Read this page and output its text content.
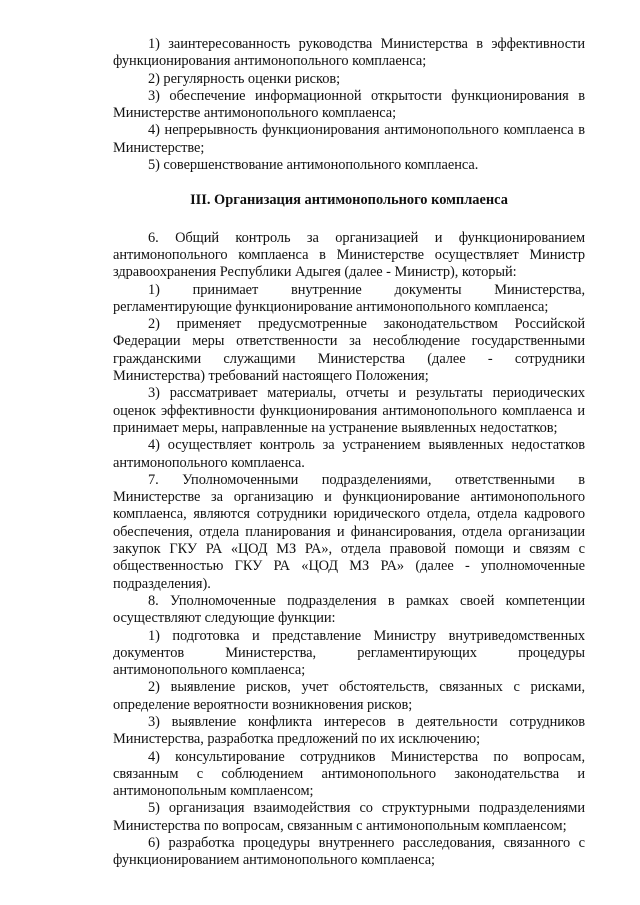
1) заинтересованность руководства Министерства в эффективности функционирования антимонопольного комплаенса;

2) регулярность оценки рисков;

3) обеспечение информационной открытости функционирования в Министерстве антимонопольного комплаенса;

4) непрерывность функционирования антимонопольного комплаенса в Министерстве;

5) совершенствование антимонопольного комплаенса.

III. Организация антимонопольного комплаенса

6. Общий контроль за организацией и функционированием антимонопольного комплаенса в Министерстве осуществляет Министр здравоохранения Республики Адыгея (далее - Министр), который:

1) принимает внутренние документы Министерства, регламентирующие функционирование антимонопольного комплаенса;

2) применяет предусмотренные законодательством Российской Федерации меры ответственности за несоблюдение государственными гражданскими служащими Министерства (далее - сотрудники Министерства) требований настоящего Положения;

3) рассматривает материалы, отчеты и результаты периодических оценок эффективности функционирования антимонопольного комплаенса и принимает меры, направленные на устранение выявленных недостатков;

4) осуществляет контроль за устранением выявленных недостатков антимонопольного комплаенса.

7. Уполномоченными подразделениями, ответственными в Министерстве за организацию и функционирование антимонопольного комплаенса, являются сотрудники юридического отдела, отдела кадрового обеспечения, отдела планирования и финансирования, отдела организации закупок ГКУ РА «ЦОД МЗ РА», отдела правовой помощи и связям с общественностью ГКУ РА «ЦОД МЗ РА» (далее - уполномоченные подразделения).

8. Уполномоченные подразделения в рамках своей компетенции осуществляют следующие функции:

1) подготовка и представление Министру внутриведомственных документов Министерства, регламентирующих процедуры антимонопольного комплаенса;

2) выявление рисков, учет обстоятельств, связанных с рисками, определение вероятности возникновения рисков;

3) выявление конфликта интересов в деятельности сотрудников Министерства, разработка предложений по их исключению;

4) консультирование сотрудников Министерства по вопросам, связанным с соблюдением антимонопольного законодательства и антимонопольным комплаенсом;

5) организация взаимодействия со структурными подразделениями Министерства по вопросам, связанным с антимонопольным комплаенсом;

6) разработка процедуры внутреннего расследования, связанного с функционированием антимонопольного комплаенса;
